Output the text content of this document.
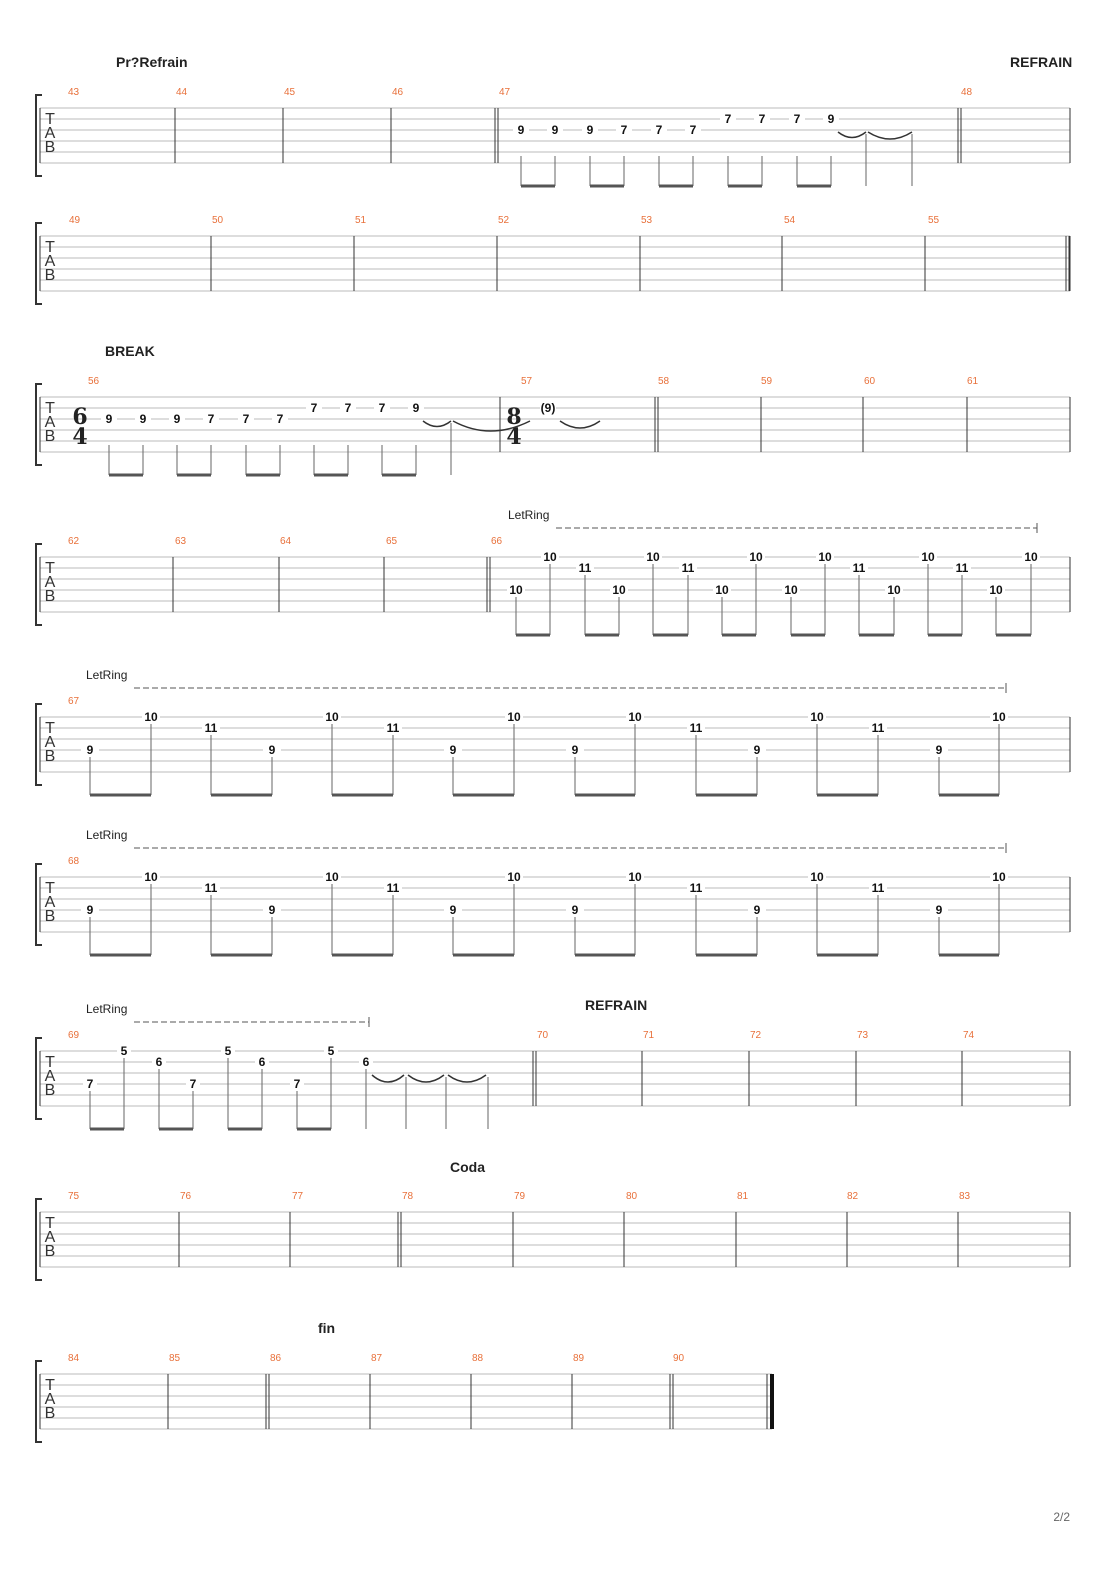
T
A
B
43	44	45	46	47	48
Pr?Refrain	REFRAIN
T
A
B
49	50	51	52	53	54	55
T
A
B
56	57	58	59	60	61
BREAK
6
4
8
4
T
A
B
62	63	64	65	66
LetRing
T
A
B
67
LetRing
T
A
B
68
LetRing
T
A
B
69	70	71	72	73	74
REFRAIN
LetRing
T
A
B
75	76	77	78	79	80	81	82	83
Coda
T
A
B
84	85	86	87	88	89	90
fin
9 9 9 7 7 7
7 7 7 9
9 9 9 7 7 7
7 7 7 9	(9)
10
10
11
10
10
11
10
10
10
10
11
10
10
11
10
10
9
10
11
9
10
11
9
10
9
10
11
9
10
11
9
10
9
10
11
9
10
11
9
10
9
10
11
9
10
11
9
10
7
5
6
7
5
6
7
5
6
2/2
